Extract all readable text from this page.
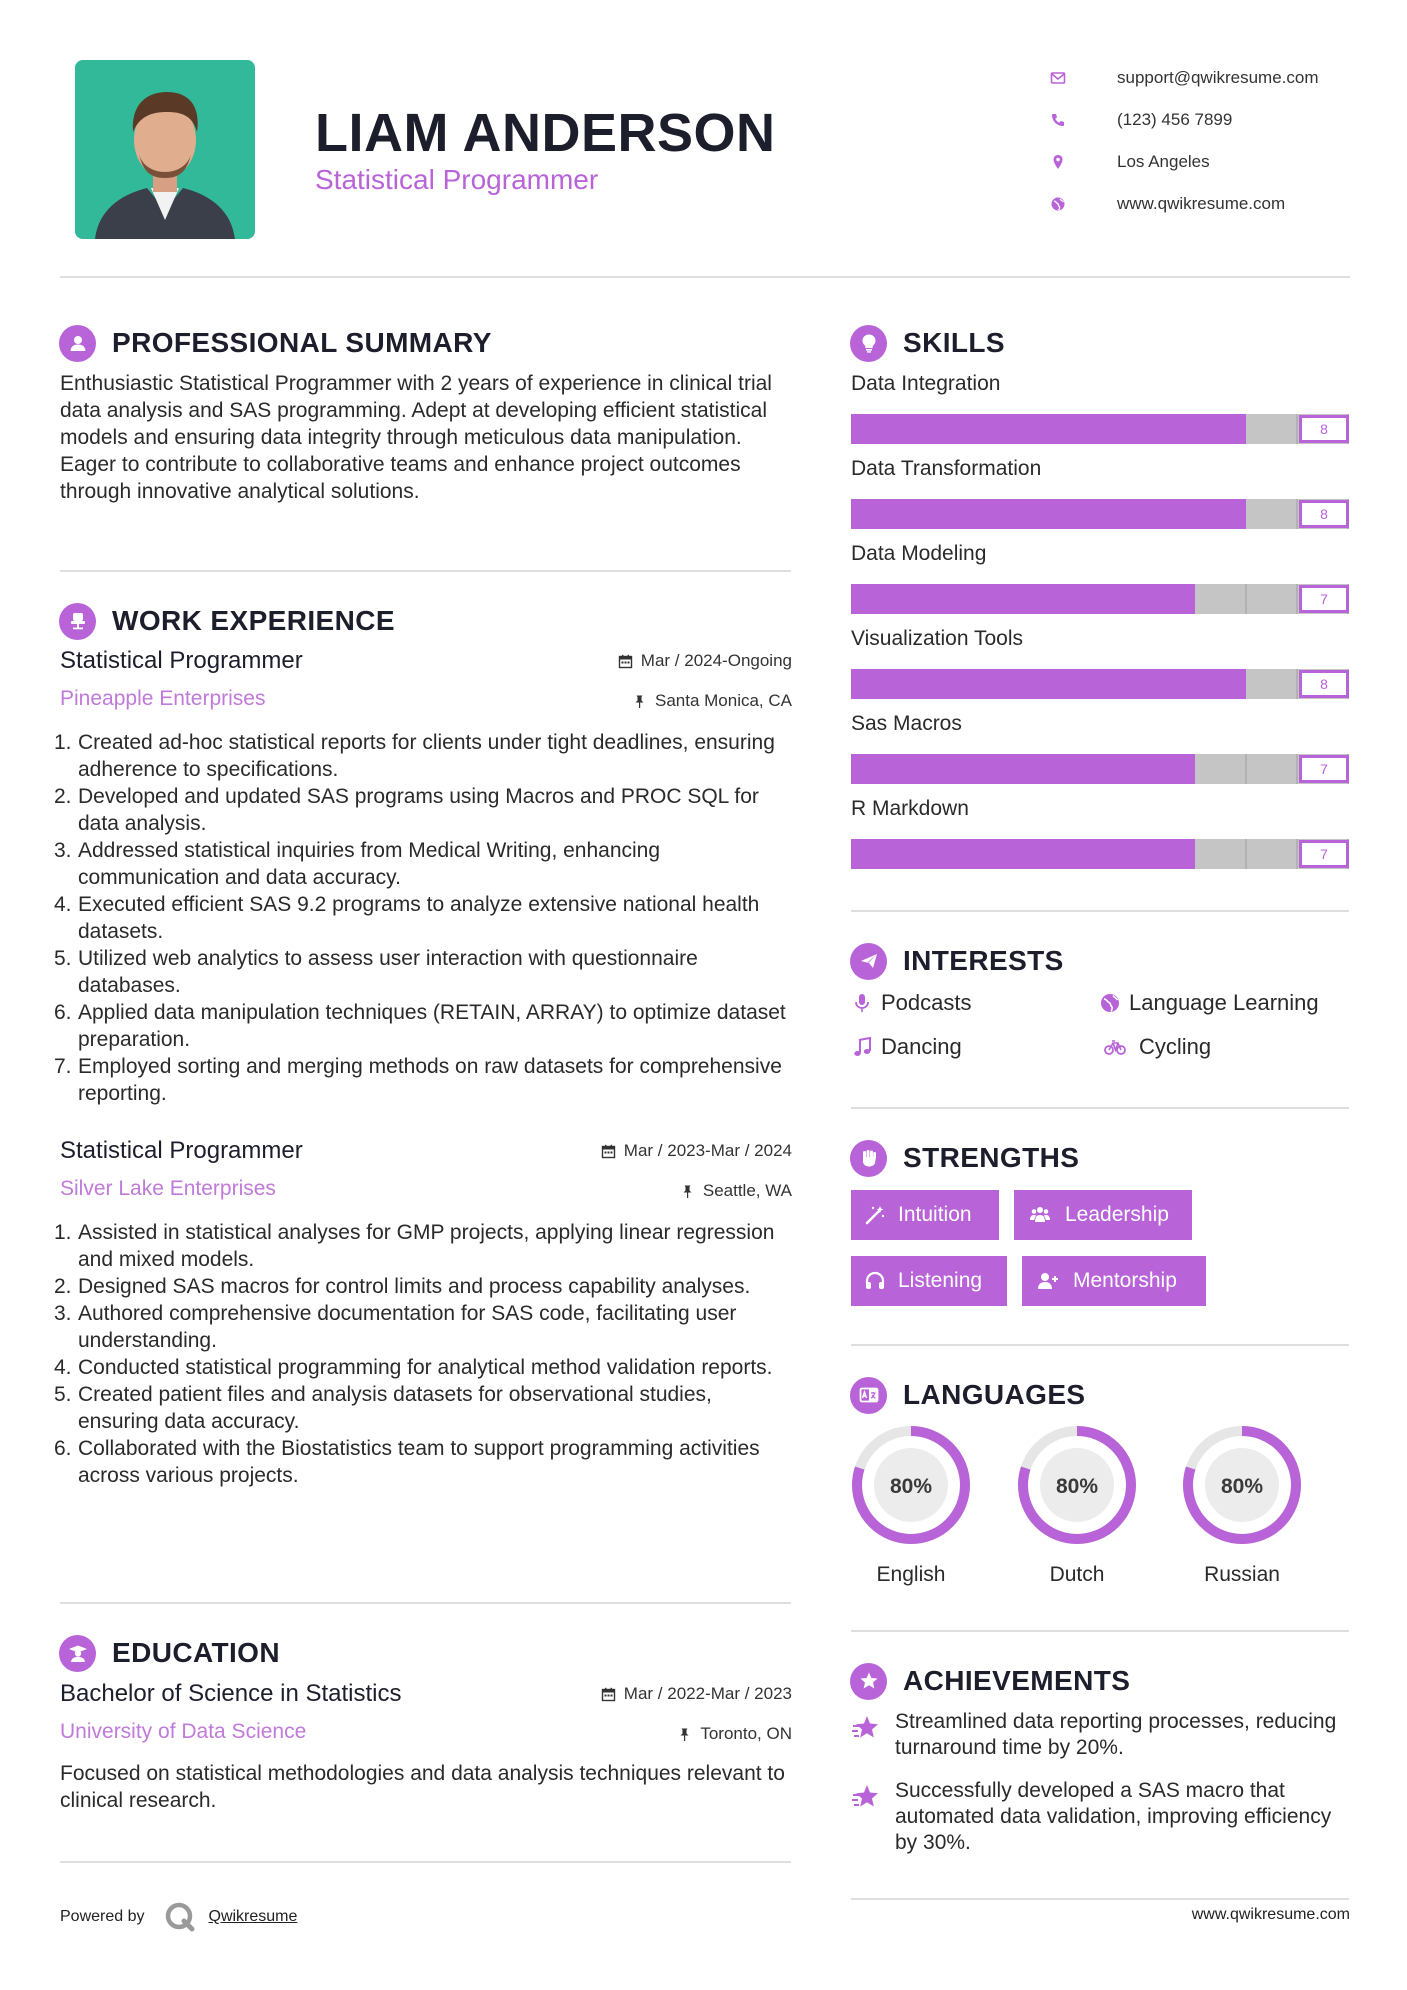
LIAM ANDERSON
Statistical Programmer
support@qwikresume.com
(123) 456 7899
Los Angeles
www.qwikresume.com
PROFESSIONAL SUMMARY
Enthusiastic Statistical Programmer with 2 years of experience in clinical trial data analysis and SAS programming. Adept at developing efficient statistical models and ensuring data integrity through meticulous data manipulation. Eager to contribute to collaborative teams and enhance project outcomes through innovative analytical solutions.
WORK EXPERIENCE
Statistical Programmer	Mar / 2024-Ongoing
Pineapple Enterprises	Santa Monica, CA
1. Created ad-hoc statistical reports for clients under tight deadlines, ensuring adherence to specifications.
2. Developed and updated SAS programs using Macros and PROC SQL for data analysis.
3. Addressed statistical inquiries from Medical Writing, enhancing communication and data accuracy.
4. Executed efficient SAS 9.2 programs to analyze extensive national health datasets.
5. Utilized web analytics to assess user interaction with questionnaire databases.
6. Applied data manipulation techniques (RETAIN, ARRAY) to optimize dataset preparation.
7. Employed sorting and merging methods on raw datasets for comprehensive reporting.
Statistical Programmer	Mar / 2023-Mar / 2024
Silver Lake Enterprises	Seattle, WA
1. Assisted in statistical analyses for GMP projects, applying linear regression and mixed models.
2. Designed SAS macros for control limits and process capability analyses.
3. Authored comprehensive documentation for SAS code, facilitating user understanding.
4. Conducted statistical programming for analytical method validation reports.
5. Created patient files and analysis datasets for observational studies, ensuring data accuracy.
6. Collaborated with the Biostatistics team to support programming activities across various projects.
EDUCATION
Bachelor of Science in Statistics	Mar / 2022-Mar / 2023
University of Data Science	Toronto, ON
Focused on statistical methodologies and data analysis techniques relevant to clinical research.
Powered by	Qwikresume
SKILLS
Data Integration
8
Data Transformation
8
Data Modeling
7
Visualization Tools
8
Sas Macros
7
R Markdown
7
INTERESTS
Podcasts	Language Learning
Dancing	Cycling
STRENGTHS
Intuition	Leadership
Listening	Mentorship
LANGUAGES
80%
English
80%
Dutch
80%
Russian
ACHIEVEMENTS
Streamlined data reporting processes, reducing turnaround time by 20%.
Successfully developed a SAS macro that automated data validation, improving efficiency by 30%.
www.qwikresume.com
